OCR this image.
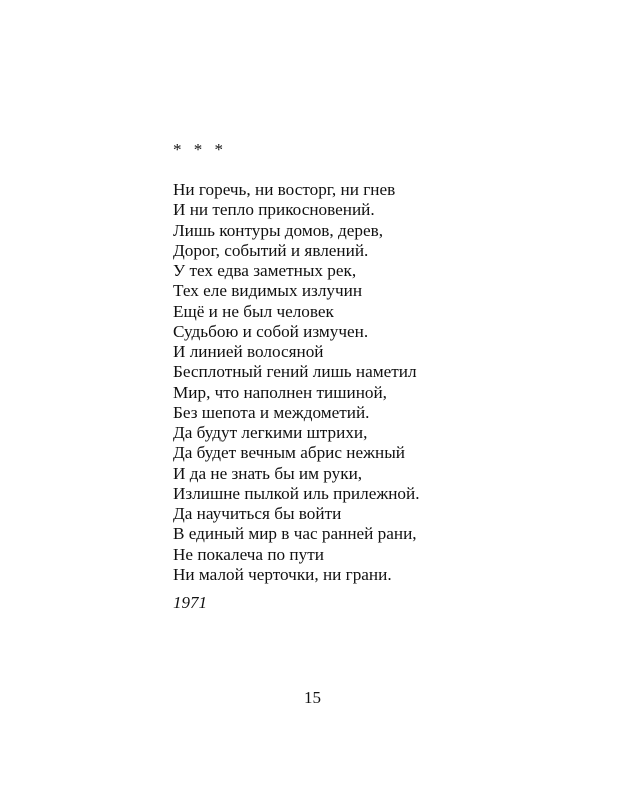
* * *
Ни горечь, ни восторг, ни гнев
И ни тепло прикосновений.
Лишь контуры домов, дерев,
Дорог, событий и явлений.
У тех едва заметных рек,
Тех еле видимых излучин
Ещё и не был человек
Судьбою и собой измучен.
И линией волосяной
Бесплотный гений лишь наметил
Мир, что наполнен тишиной,
Без шепота и междометий.
Да будут легкими штрихи,
Да будет вечным абрис нежный
И да не знать бы им руки,
Излишне пылкой иль прилежной.
Да научиться бы войти
В единый мир в час ранней рани,
Не покалеча по пути
Ни малой черточки, ни грани.
1971
15
